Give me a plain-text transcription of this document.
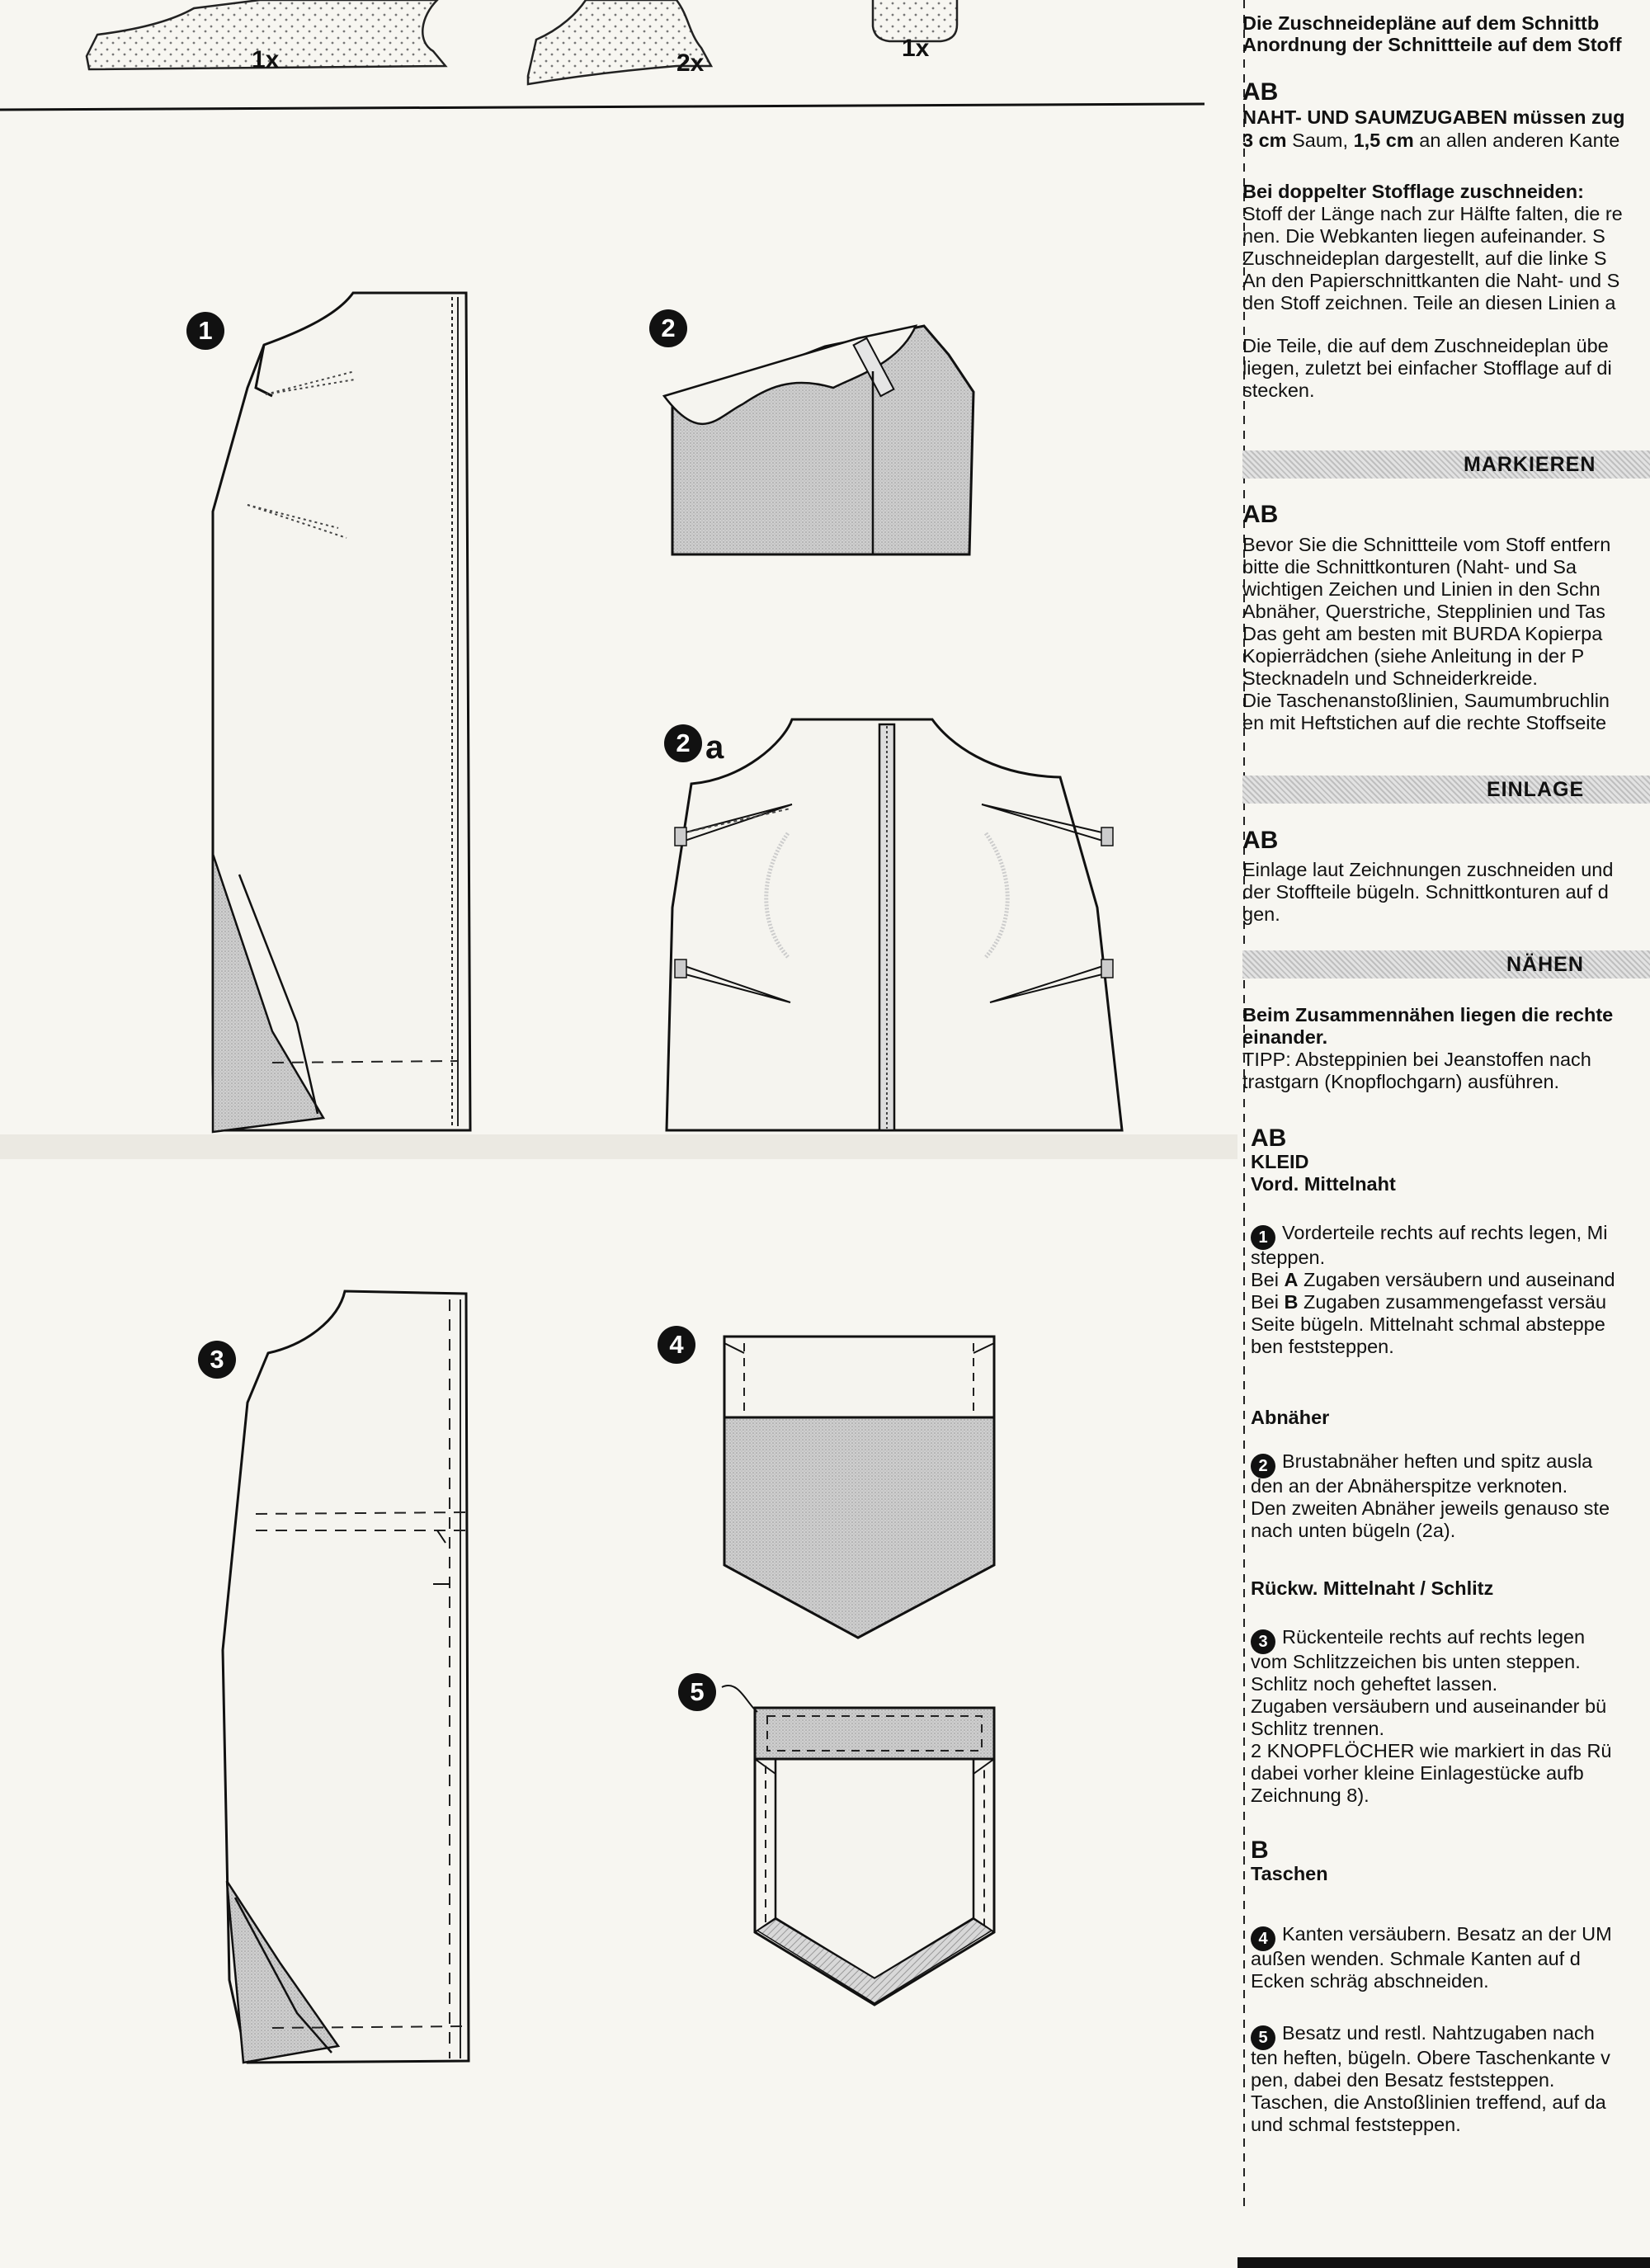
1x	2x
1x
1	2
2 a
3
4
5
Die Zuschneidepläne auf dem Schnittb
Anordnung der Schnittteile auf dem Stoff
AB
NAHT- UND SAUMZUGABEN müssen zug
3 cm Saum, 1,5 cm an allen anderen Kante
Bei doppelter Stofflage zuschneiden:
Stoff der Länge nach zur Hälfte falten, die re
nen. Die Webkanten liegen aufeinander. S
Zuschneideplan dargestellt, auf die linke S
An den Papierschnittkanten die Naht- und S
den Stoff zeichnen. Teile an diesen Linien a
Die Teile, die auf dem Zuschneideplan übe
liegen, zuletzt bei einfacher Stofflage auf di
stecken.
MARKIEREN
AB
Bevor Sie die Schnittteile vom Stoff entfern
bitte die Schnittkonturen (Naht- und Sa
wichtigen Zeichen und Linien in den Schn
Abnäher, Querstriche, Stepplinien und Tas
Das geht am besten mit BURDA Kopierpa
Kopierrädchen (siehe Anleitung in der P
Stecknadeln und Schneiderkreide.
Die Taschenanstoßlinien, Saumumbruchlin
en mit Heftstichen auf die rechte Stoffseite
EINLAGE
AB
Einlage laut Zeichnungen zuschneiden und
der Stoffteile bügeln. Schnittkonturen auf d
gen.
NÄHEN
Beim Zusammennähen liegen die rechte
einander.
TIPP: Absteppinien bei Jeanstoffen nach
trastgarn (Knopflochgarn) ausführen.
AB
KLEID
Vord. Mittelnaht
1 Vorderteile rechts auf rechts legen, Mi
steppen.
Bei A Zugaben versäubern und auseinand
Bei B Zugaben zusammengefasst versäu
Seite bügeln. Mittelnaht schmal absteppe
ben feststeppen.
Abnäher
2 Brustabnäher heften und spitz ausla
den an der Abnäherspitze verknoten.
Den zweiten Abnäher jeweils genauso ste
nach unten bügeln (2a).
Rückw. Mittelnaht / Schlitz
3 Rückenteile rechts auf rechts legen
vom Schlitzzeichen bis unten steppen.
Schlitz noch geheftet lassen.
Zugaben versäubern und auseinander bü
Schlitz trennen.
2 KNOPFLÖCHER wie markiert in das Rü
dabei vorher kleine Einlagestücke aufb
Zeichnung 8).
B
Taschen
4 Kanten versäubern. Besatz an der UM
außen wenden. Schmale Kanten auf d
Ecken schräg abschneiden.
5 Besatz und restl. Nahtzugaben nach
ten heften, bügeln. Obere Taschenkante v
pen, dabei den Besatz feststeppen.
Taschen, die Anstoßlinien treffend, auf da
und schmal feststeppen.
